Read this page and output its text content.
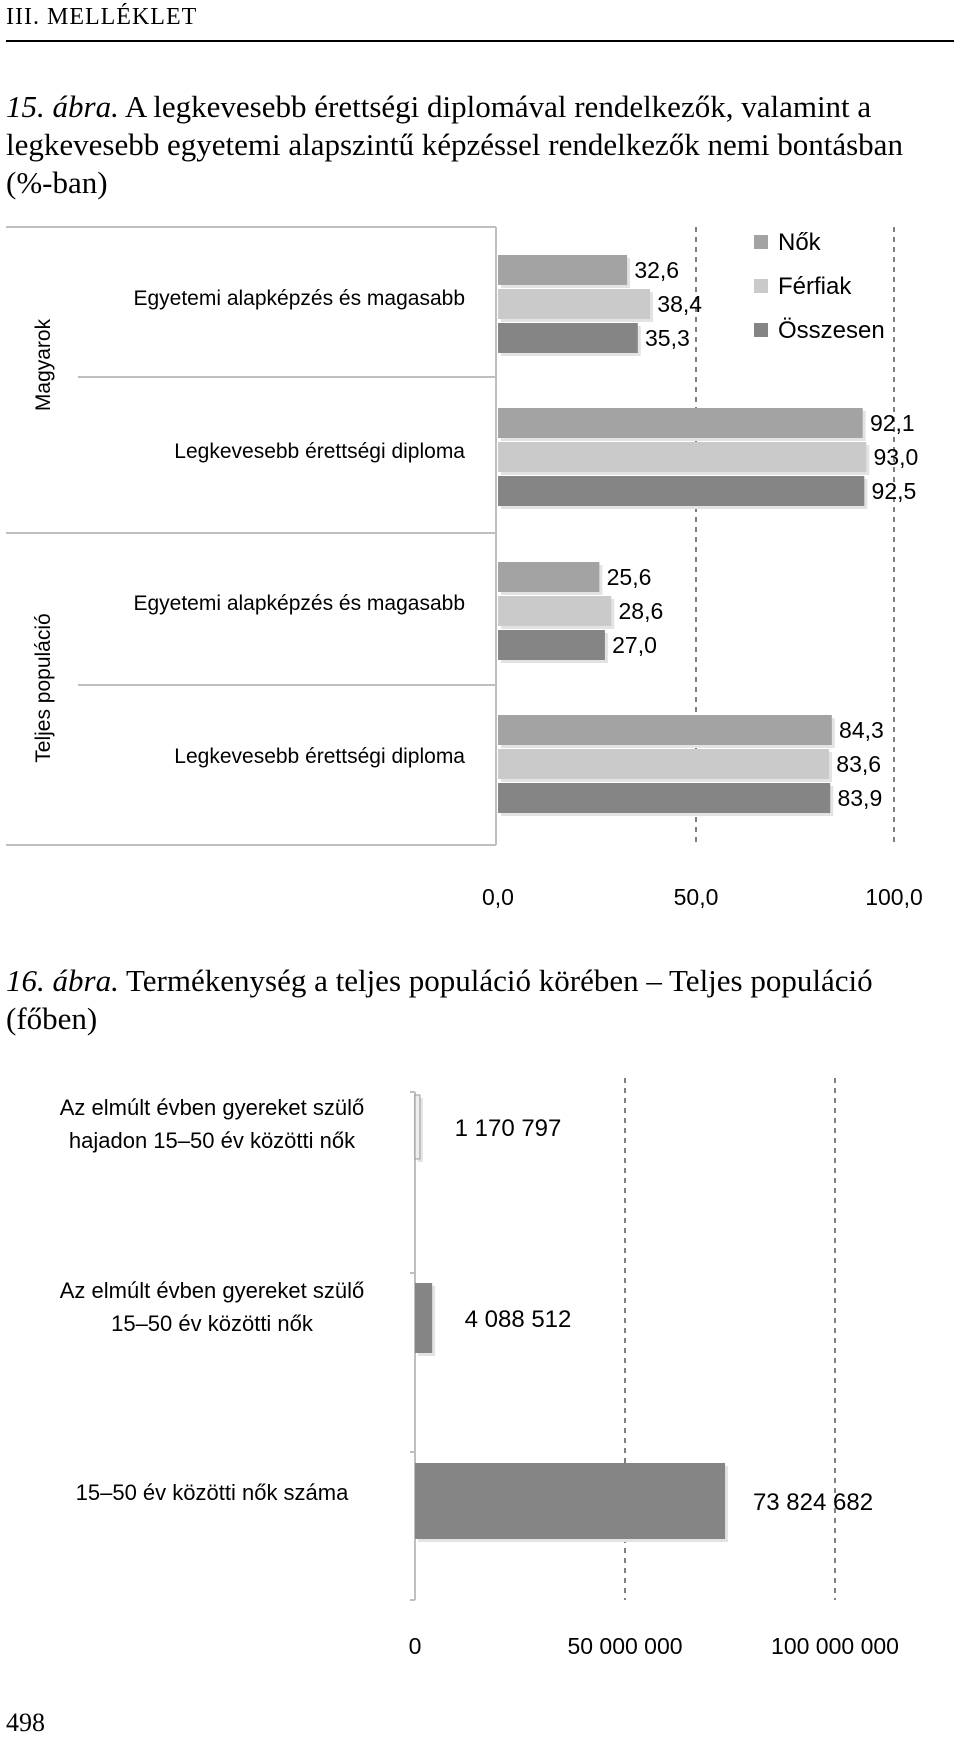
III. MELLÉKLET
15. ábra. A legkevesebb érettségi diplomával rendelkezők, valamint a legkevesebb egyetemi alapszintű képzéssel rendelkezők nemi bontásban (%-ban)
Magyarok
Teljes populáció
Egyetemi alapképzés és magasabb
Legkevesebb érettségi diploma
Egyetemi alapképzés és magasabb
Legkevesebb érettségi diploma
32,6
38,4
35,3
92,1
93,0
92,5
25,6
28,6
27,0
84,3
83,6
83,9
Nők
Férfiak
Összesen
0,0	50,0	100,0
16. ábra. Termékenység a teljes populáció körében – Teljes populáció (főben)
Az elmúlt évben gyereket szülő
hajadon 15–50 év közötti nők	1 170 797
Az elmúlt évben gyereket szülő
15–50 év közötti nők	4 088 512
15–50 év közötti nők száma	73 824 682
0	50 000 000	100 000 000
498
